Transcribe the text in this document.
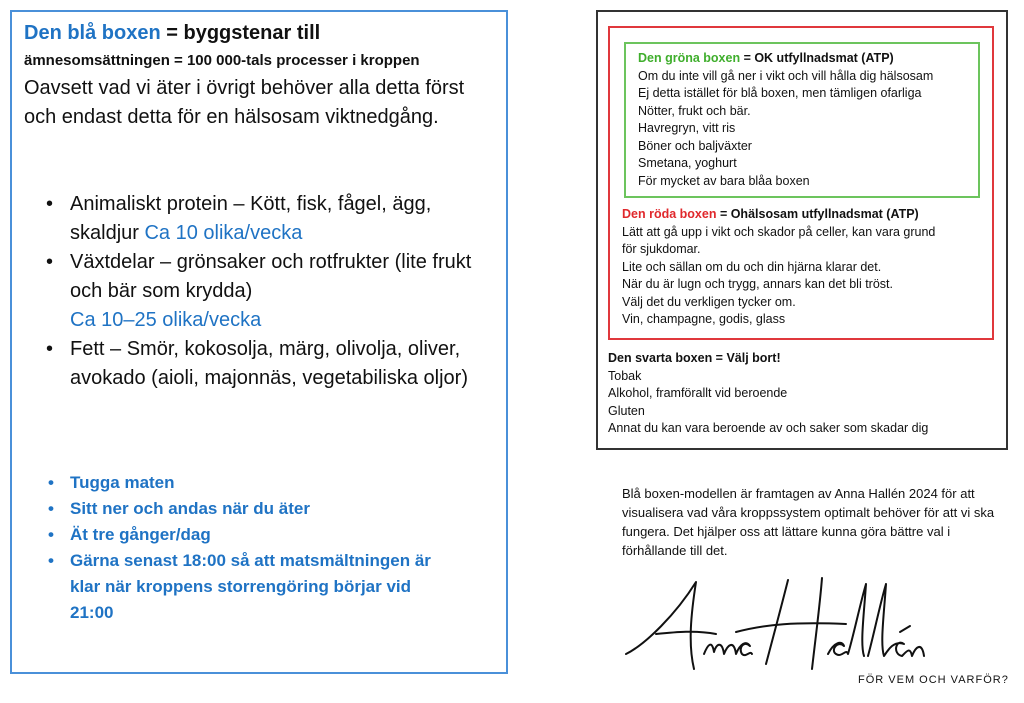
Den blå boxen = byggstenar till
ämnesomsättningen = 100 000-tals processer i kroppen
Oavsett vad vi äter i övrigt behöver alla detta först och endast detta för en hälsosam viktnedgång.
• Animaliskt protein – Kött, fisk, fågel, ägg, skaldjur Ca 10 olika/vecka
• Växtdelar – grönsaker och rotfrukter (lite frukt och bär som krydda)
Ca 10–25 olika/vecka
• Fett – Smör, kokosolja, märg, olivolja, oliver, avokado (aioli, majonnäs, vegetabiliska oljor)
• Tugga maten
• Sitt ner och andas när du äter
• Ät tre gånger/dag
• Gärna senast 18:00 så att matsmältningen är klar när kroppens storrengöring börjar vid 21:00
Den svarta boxen = Välj bort!
Tobak
Alkohol, framförallt vid beroende
Gluten
Annat du kan vara beroende av och saker som skadar dig
Den röda boxen = Ohälsosam utfyllnadsmat (ATP)
Lätt att gå upp i vikt och skador på celler, kan vara grund
för sjukdomar.
Lite och sällan om du och din hjärna klarar det.
När du är lugn och trygg, annars kan det bli tröst.
Välj det du verkligen tycker om.
Vin, champagne, godis, glass
Den gröna boxen = OK utfyllnadsmat (ATP)
Om du inte vill gå ner i vikt och vill hålla dig hälsosam
Ej detta istället för blå boxen, men tämligen ofarliga
Nötter, frukt och bär.
Havregryn, vitt ris
Böner och baljväxter
Smetana, yoghurt
För mycket av bara blåa boxen
Blå boxen-modellen är framtagen av Anna Hallén 2024 för att visualisera vad våra kroppssystem optimalt behöver för att vi ska fungera. Det hjälper oss att lättare kunna göra bättre val i förhållande till det.
FÖR VEM OCH VARFÖR?
